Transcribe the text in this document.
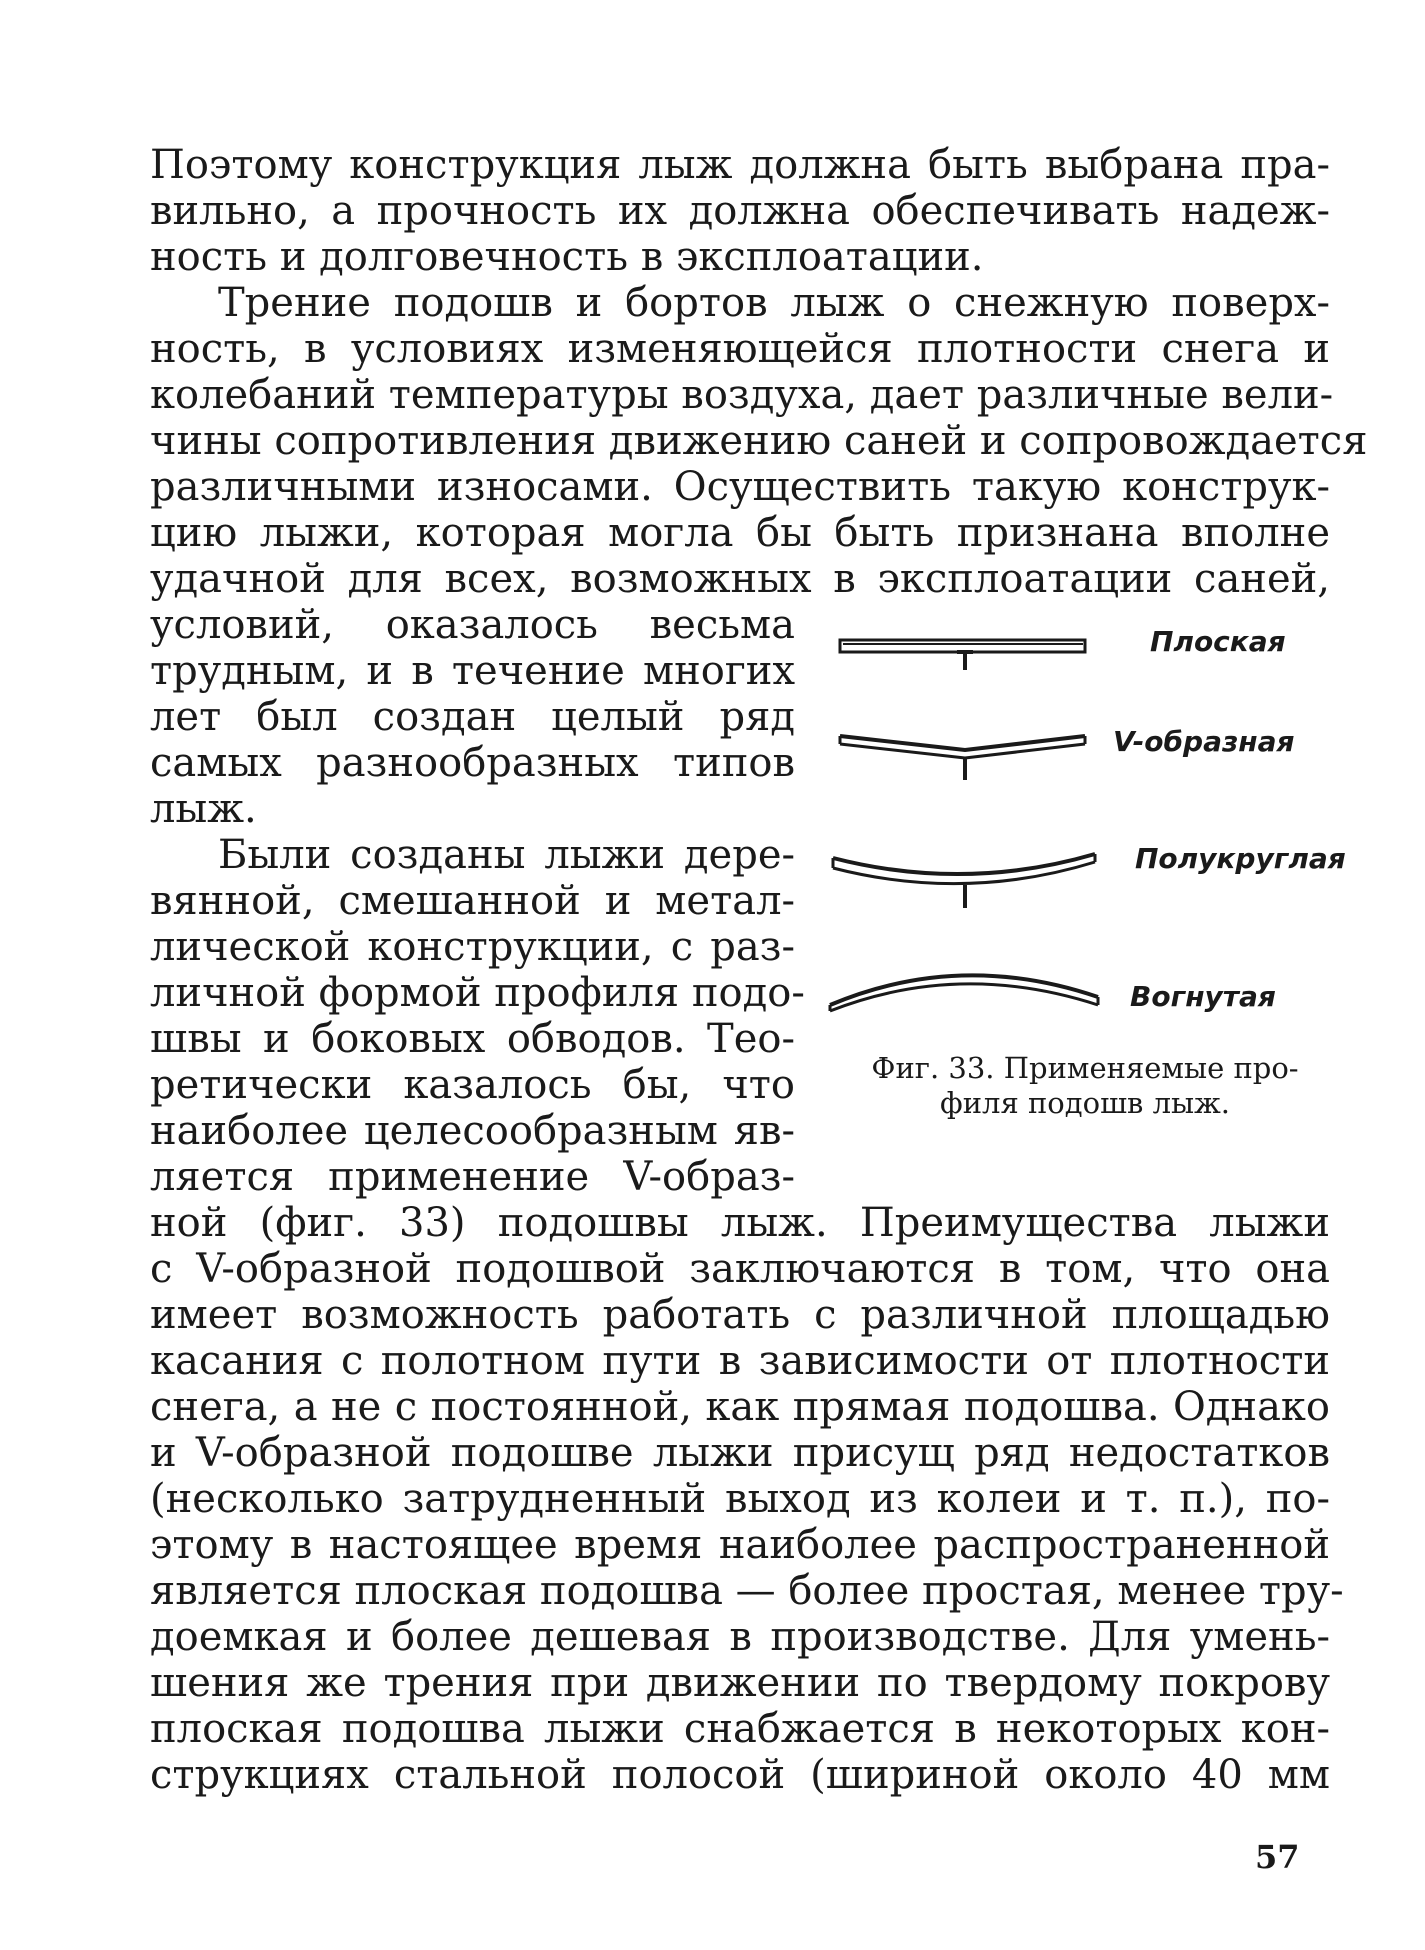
Поэтому конструкция лыж должна быть выбрана пра-
вильно, а прочность их должна обеспечивать надеж-
ность и долговечность в эксплоатации.
Трение подошв и бортов лыж о снежную поверх-
ность, в условиях изменяющейся плотности снега и
колебаний температуры воздуха, дает различные вели-
чины сопротивления движению саней и сопровождается
различными износами. Осуществить такую конструк-
цию лыжи, которая могла бы быть признана вполне
удачной для всех, возможных в эксплоатации саней,
условий, оказалось весьма
трудным, и в течение многих
лет был создан целый ряд
самых разнообразных типов
лыж.
Были созданы лыжи дере-
вянной, смешанной и метал-
лической конструкции, с раз-
личной формой профиля подо-
швы и боковых обводов. Тео-
ретически казалось бы, что
наиболее целесообразным яв-
ляется применение V-образ-
ной (фиг. 33) подошвы лыж. Преимущества лыжи
с V-образной подошвой заключаются в том, что она
имеет возможность работать с различной площадью
касания с полотном пути в зависимости от плотности
снега, а не с постоянной, как прямая подошва. Однако
и V-образной подошве лыжи присущ ряд недостатков
(несколько затрудненный выход из колеи и т. п.), по-
этому в настоящее время наиболее распространенной
является плоская подошва — более простая, менее тру-
доемкая и более дешевая в производстве. Для умень-
шения же трения при движении по твердому покрову
плоская подошва лыжи снабжается в некоторых кон-
струкциях стальной полосой (шириной около 40 мм
Плоская
V-образная
Полукруглая
Вогнутая
Фиг. 33. Применяемые про-
филя подошв лыж.
57
